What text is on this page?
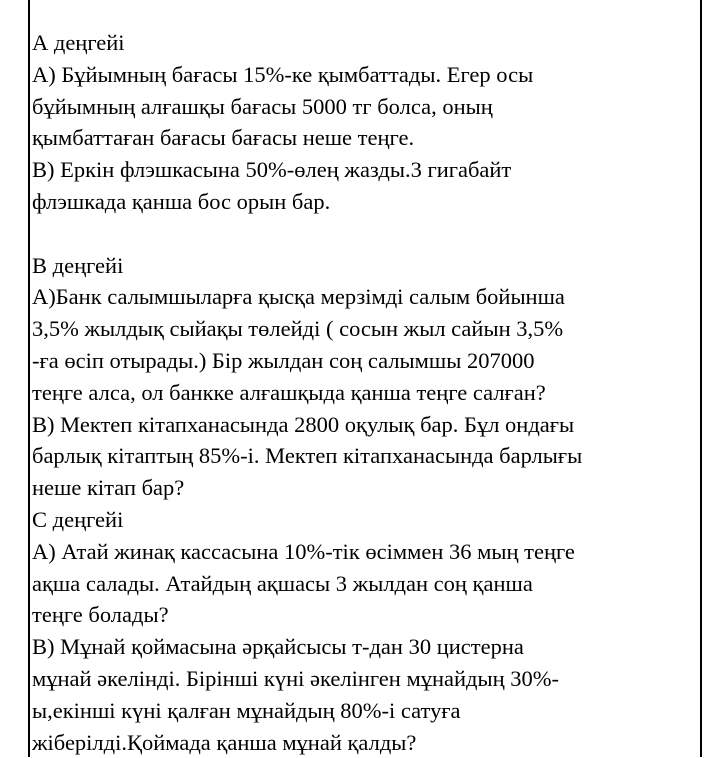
А деңгейі
А) Бұйымның бағасы 15%-ке қымбаттады. Егер осы
бұйымның алғашқы бағасы 5000 тг болса, оның
қымбаттаған бағасы бағасы неше теңге.
В) Еркін флэшкасына 50%-өлең жазды.3 гигабайт
флэшкада қанша бос орын бар.
В деңгейі
А)Банк салымшыларға қысқа мерзімді салым бойынша
3,5% жылдық сыйақы төлейді ( сосын жыл сайын 3,5%
-ға өсіп отырады.) Бір жылдан соң салымшы 207000
теңге алса, ол банкке алғашқыда қанша теңге салған?
В) Мектеп кітапханасында 2800 оқулық бар. Бұл ондағы
барлық кітаптың 85%-і. Мектеп кітапханасында барлығы
неше кітап бар?
С деңгейі
А) Атай жинақ кассасына 10%-тік өсіммен 36 мың теңге
ақша салады. Атайдың ақшасы 3 жылдан соң қанша
теңге болады?
В) Мұнай қоймасына әрқайсысы т-дан 30 цистерна
мұнай әкелінді. Бірінші күні әкелінген мұнайдың 30%-
ы,екінші күні қалған мұнайдың 80%-і сатуға
жіберілді.Қоймада қанша мұнай қалды?
